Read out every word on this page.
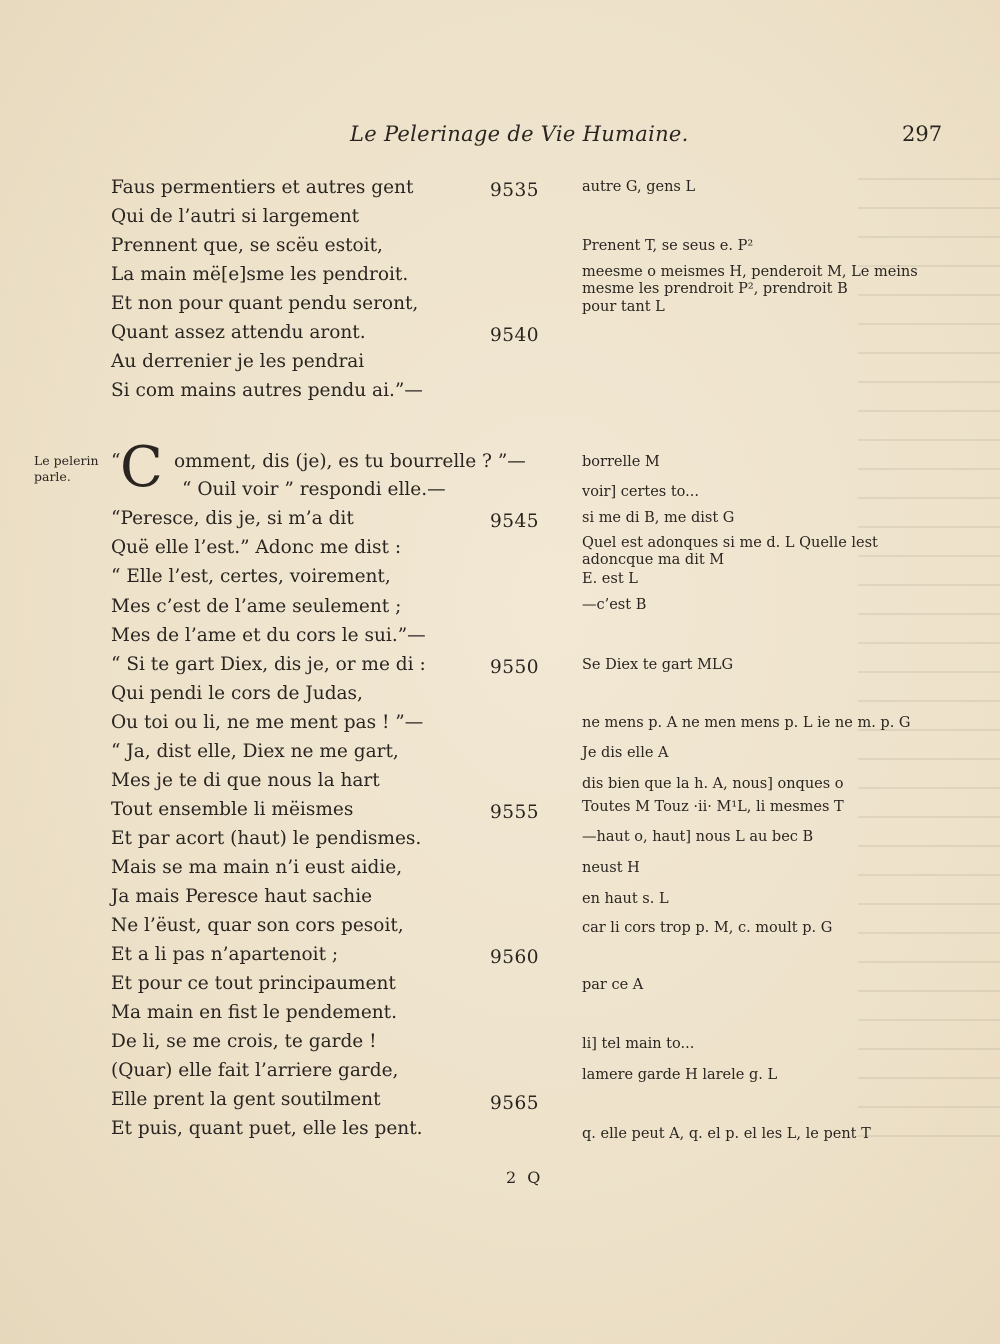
Le Pelerinage de Vie Humaine.	297
Le pelerin parle.
Faus permentiers et autres gent
Qui de l’autri si largement
Prennent que, se scëu estoit,
La main më[e]sme les pendroit.
Et non pour quant pendu seront,
Quant assez attendu aront.
Au derrenier je les pendrai
Si com mains autres pendu ai.”—
“ C omment, dis (je), es tu bourrelle ? ”—
“ Ouil voir ” respondi elle.—
“Peresce, dis je, si m’a dit
Quë elle l’est.” Adonc me dist :
“ Elle l’est, certes, voirement,
Mes c’est de l’ame seulement ;
Mes de l’ame et du cors le sui.”—
“ Si te gart Diex, dis je, or me di :
Qui pendi le cors de Judas,
Ou toi ou li, ne me ment pas ! ”—
“ Ja, dist elle, Diex ne me gart,
Mes je te di que nous la hart
Tout ensemble li mëismes
Et par acort (haut) le pendismes.
Mais se ma main n’i eust aidie,
Ja mais Peresce haut sachie
Ne l’ëust, quar son cors pesoit,
Et a li pas n’apartenoit ;
Et pour ce tout principaument
Ma main en fist le pendement.
De li, se me crois, te garde !
(Quar) elle fait l’arriere garde,
Elle prent la gent soutilment
Et puis, quant puet, elle les pent.
9535
9540
9545
9550
9555
9560
9565
autre G, gens L
Prenent T, se seus e. P²
meesme o meismes H, penderoit M, Le meins mesme les prendroit P², prendroit B
pour tant L
borrelle M
voir] certes to...
si me di B, me dist G
Quel est adonques si me d. L Quelle lest adoncque ma dit M
E. est L
—c’est B
Se Diex te gart MLG
ne mens p. A ne men mens p. L ie ne m. p. G
Je dis elle A
dis bien que la h. A, nous] onques o
Toutes M Touz ·ii· M¹L, li mesmes T
—haut o, haut] nous L au bec B
neust H
en haut s. L
car li cors trop p. M, c. moult p. G
par ce A
li] tel main to...
lamere garde H larele g. L
q. elle peut A, q. el p. el les L, le pent T
2 Q
